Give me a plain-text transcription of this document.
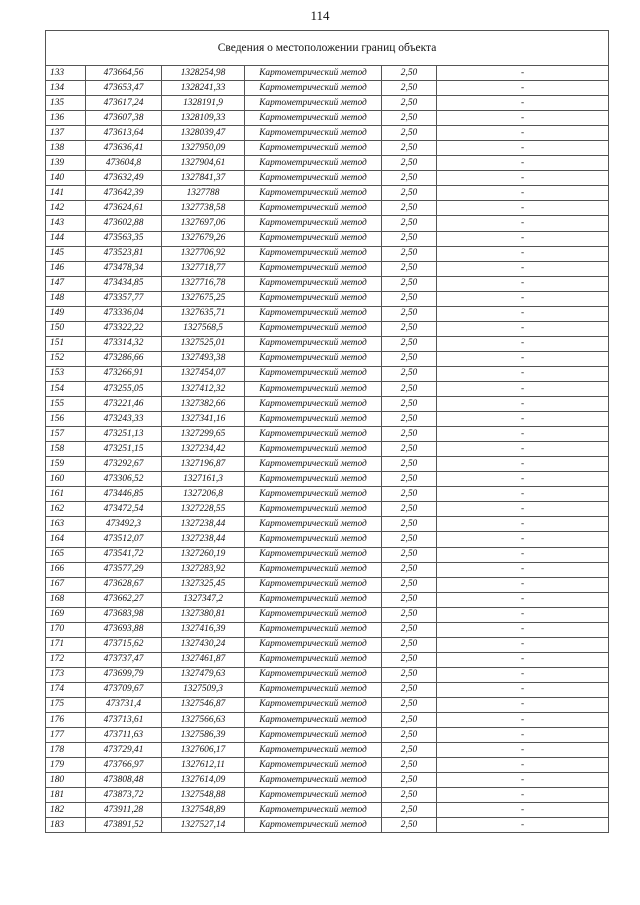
114
Сведения о местоположении границ объекта					
133	473664,56	1328254,98	Картометрический метод	2,50	-
134	473653,47	1328241,33	Картометрический метод	2,50	-
135	473617,24	1328191,9	Картометрический метод	2,50	-
136	473607,38	1328109,33	Картометрический метод	2,50	-
137	473613,64	1328039,47	Картометрический метод	2,50	-
138	473636,41	1327950,09	Картометрический метод	2,50	-
139	473604,8	1327904,61	Картометрический метод	2,50	-
140	473632,49	1327841,37	Картометрический метод	2,50	-
141	473642,39	1327788	Картометрический метод	2,50	-
142	473624,61	1327738,58	Картометрический метод	2,50	-
143	473602,88	1327697,06	Картометрический метод	2,50	-
144	473563,35	1327679,26	Картометрический метод	2,50	-
145	473523,81	1327706,92	Картометрический метод	2,50	-
146	473478,34	1327718,77	Картометрический метод	2,50	-
147	473434,85	1327716,78	Картометрический метод	2,50	-
148	473357,77	1327675,25	Картометрический метод	2,50	-
149	473336,04	1327635,71	Картометрический метод	2,50	-
150	473322,22	1327568,5	Картометрический метод	2,50	-
151	473314,32	1327525,01	Картометрический метод	2,50	-
152	473286,66	1327493,38	Картометрический метод	2,50	-
153	473266,91	1327454,07	Картометрический метод	2,50	-
154	473255,05	1327412,32	Картометрический метод	2,50	-
155	473221,46	1327382,66	Картометрический метод	2,50	-
156	473243,33	1327341,16	Картометрический метод	2,50	-
157	473251,13	1327299,65	Картометрический метод	2,50	-
158	473251,15	1327234,42	Картометрический метод	2,50	-
159	473292,67	1327196,87	Картометрический метод	2,50	-
160	473306,52	1327161,3	Картометрический метод	2,50	-
161	473446,85	1327206,8	Картометрический метод	2,50	-
162	473472,54	1327228,55	Картометрический метод	2,50	-
163	473492,3	1327238,44	Картометрический метод	2,50	-
164	473512,07	1327238,44	Картометрический метод	2,50	-
165	473541,72	1327260,19	Картометрический метод	2,50	-
166	473577,29	1327283,92	Картометрический метод	2,50	-
167	473628,67	1327325,45	Картометрический метод	2,50	-
168	473662,27	1327347,2	Картометрический метод	2,50	-
169	473683,98	1327380,81	Картометрический метод	2,50	-
170	473693,88	1327416,39	Картометрический метод	2,50	-
171	473715,62	1327430,24	Картометрический метод	2,50	-
172	473737,47	1327461,87	Картометрический метод	2,50	-
173	473699,79	1327479,63	Картометрический метод	2,50	-
174	473709,67	1327509,3	Картометрический метод	2,50	-
175	473731,4	1327546,87	Картометрический метод	2,50	-
176	473713,61	1327566,63	Картометрический метод	2,50	-
177	473711,63	1327586,39	Картометрический метод	2,50	-
178	473729,41	1327606,17	Картометрический метод	2,50	-
179	473766,97	1327612,11	Картометрический метод	2,50	-
180	473808,48	1327614,09	Картометрический метод	2,50	-
181	473873,72	1327548,88	Картометрический метод	2,50	-
182	473911,28	1327548,89	Картометрический метод	2,50	-
183	473891,52	1327527,14	Картометрический метод	2,50	-
